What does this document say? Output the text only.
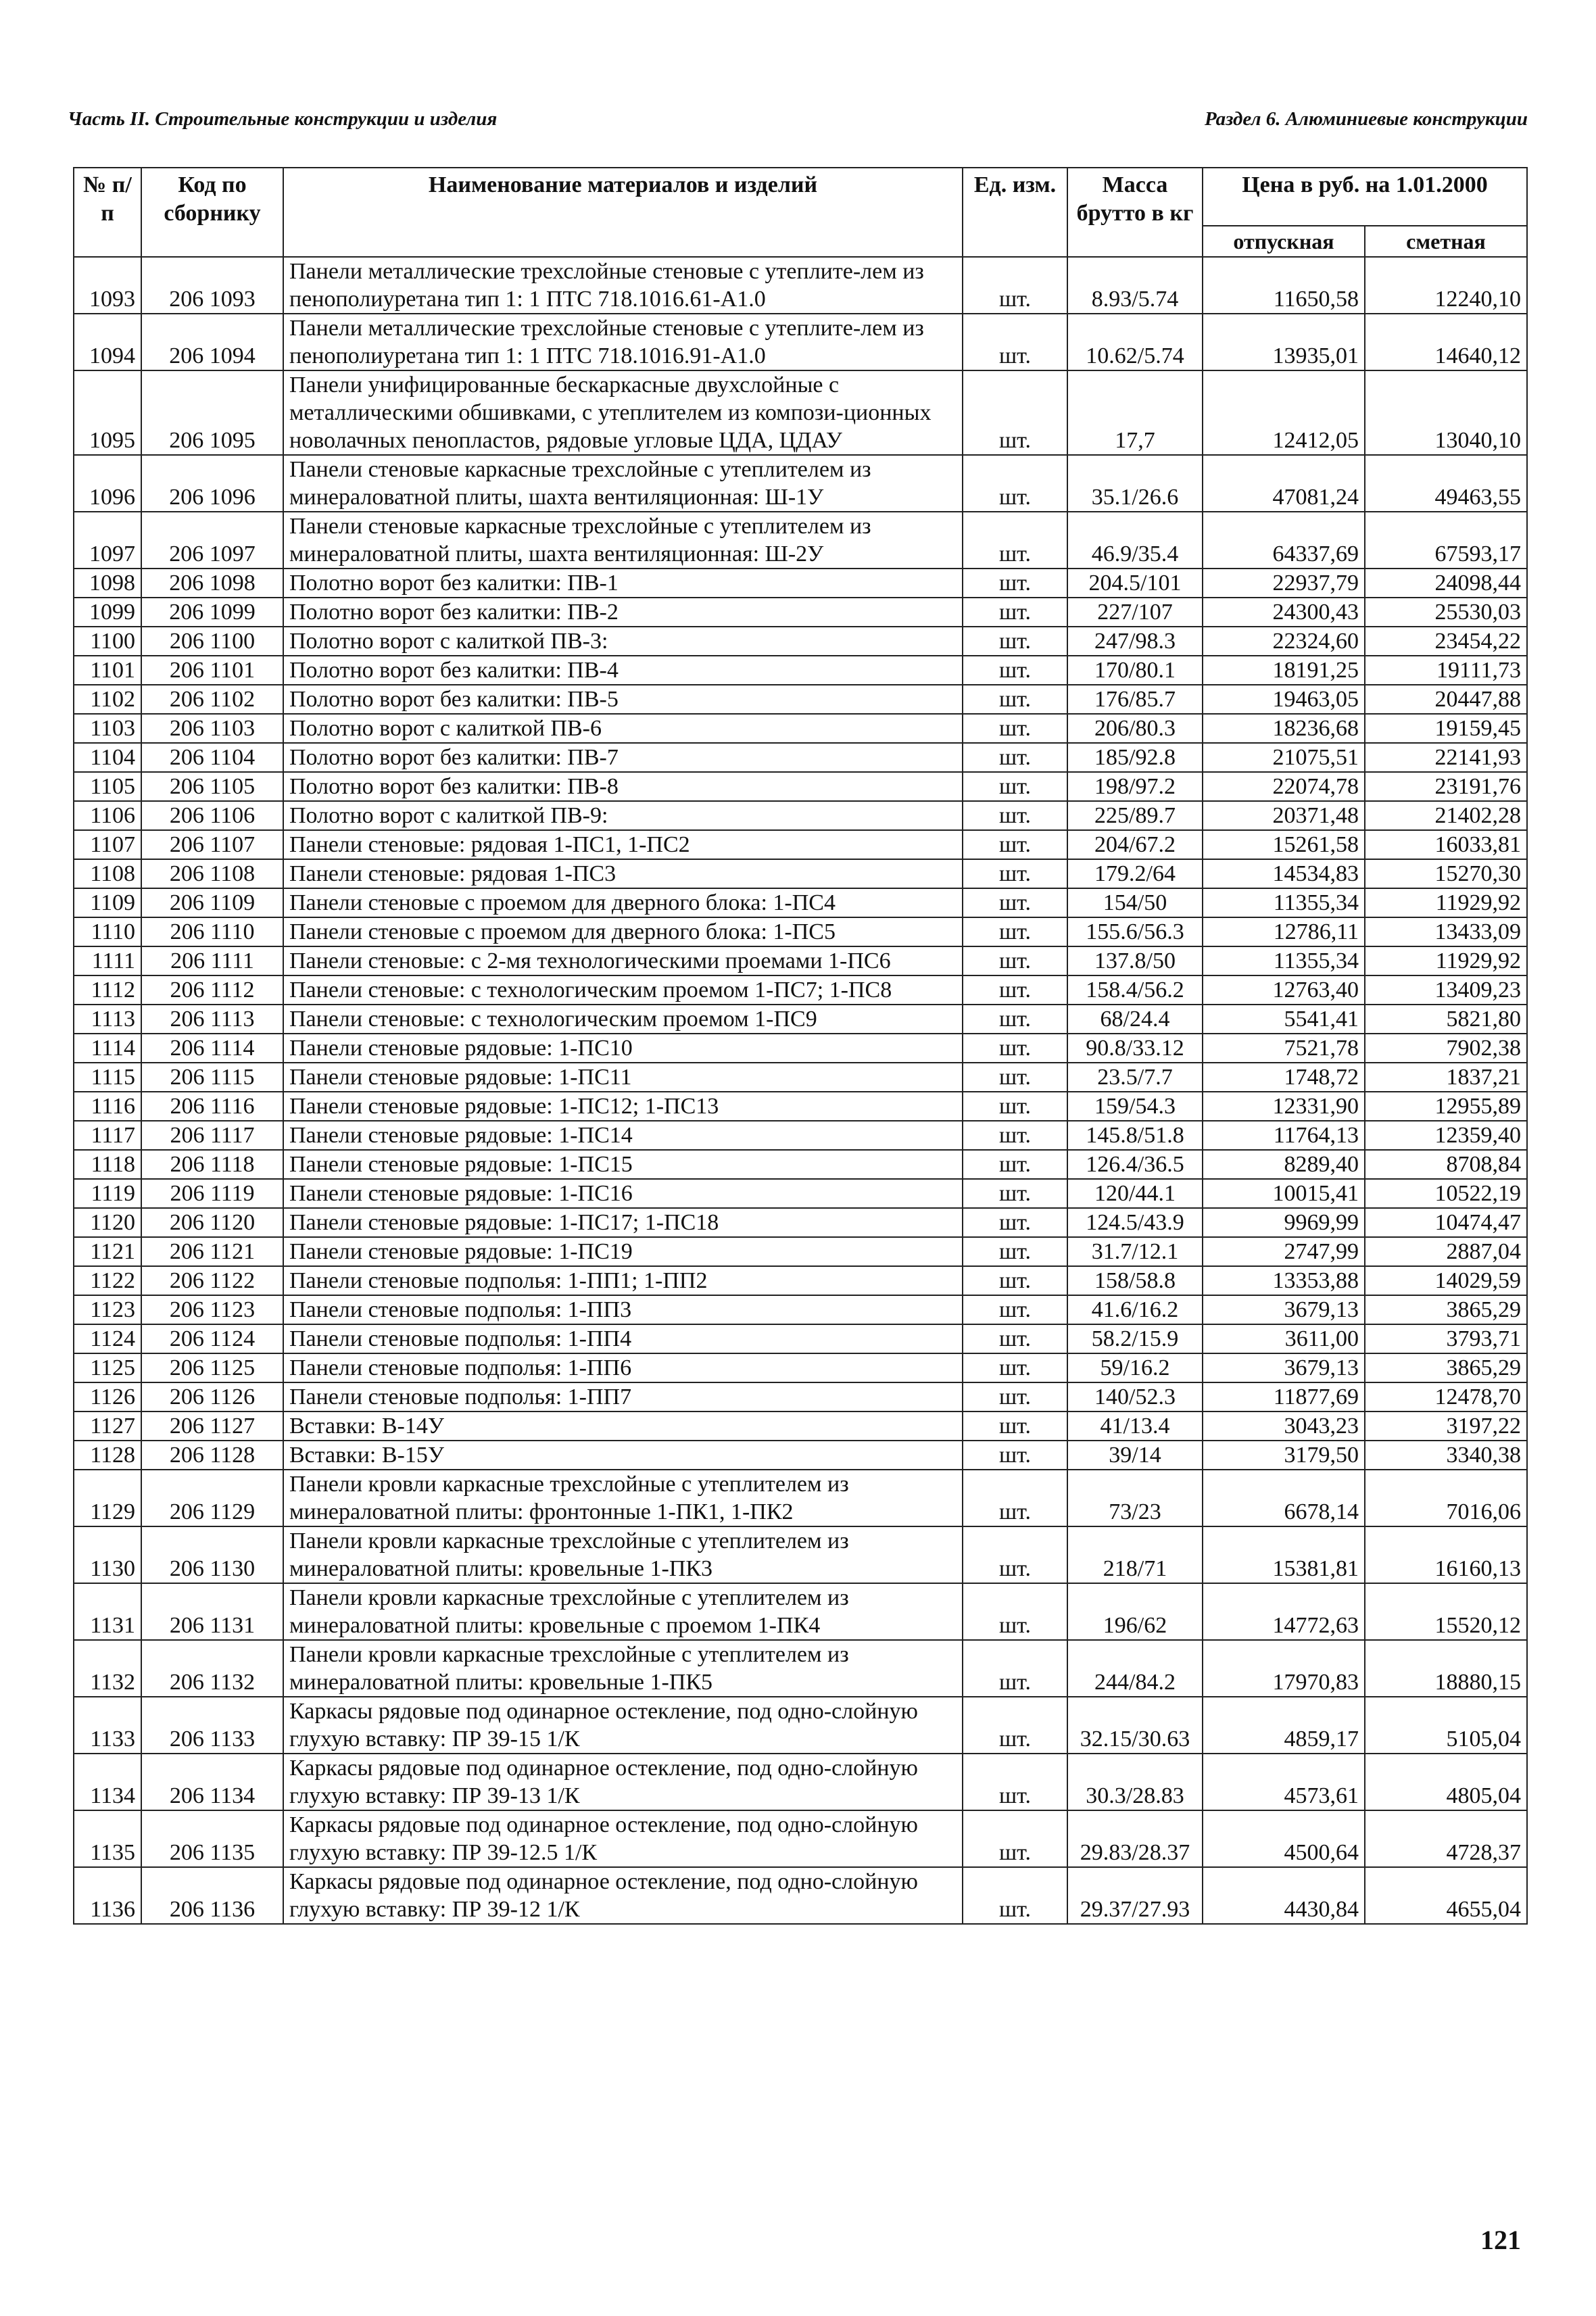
Часть II. Строительные конструкции и изделия	Раздел 6. Алюминиевые конструкции
№ п/п	Код по сборнику	Наименование материалов и изделий	Ед. изм.	Масса брутто в кг	Цена в руб. на 1.01.2000	
					отпускная	сметная
1093	206 1093	Панели металлические трехслойные стеновые с утеплите-лем из пенополиуретана тип 1: 1 ПТС 718.1016.61-А1.0	шт.	8.93/5.74	11650,58	12240,10
1094	206 1094	Панели металлические трехслойные стеновые с утеплите-лем из пенополиуретана тип 1: 1 ПТС 718.1016.91-А1.0	шт.	10.62/5.74	13935,01	14640,12
1095	206 1095	Панели унифицированные бескаркасные двухслойные с металлическими обшивками, с утеплителем из компози-ционных новолачных пенопластов, рядовые угловые ЦДА, ЦДАУ	шт.	17,7	12412,05	13040,10
1096	206 1096	Панели стеновые каркасные трехслойные с утеплителем из минераловатной плиты, шахта вентиляционная: Ш-1У	шт.	35.1/26.6	47081,24	49463,55
1097	206 1097	Панели стеновые каркасные трехслойные с утеплителем из минераловатной плиты, шахта вентиляционная: Ш-2У	шт.	46.9/35.4	64337,69	67593,17
1098	206 1098	Полотно ворот без калитки: ПВ-1	шт.	204.5/101	22937,79	24098,44
1099	206 1099	Полотно ворот без калитки: ПВ-2	шт.	227/107	24300,43	25530,03
1100	206 1100	Полотно ворот с калиткой ПВ-3:	шт.	247/98.3	22324,60	23454,22
1101	206 1101	Полотно ворот без калитки: ПВ-4	шт.	170/80.1	18191,25	19111,73
1102	206 1102	Полотно ворот без калитки: ПВ-5	шт.	176/85.7	19463,05	20447,88
1103	206 1103	Полотно ворот с калиткой ПВ-6	шт.	206/80.3	18236,68	19159,45
1104	206 1104	Полотно ворот без калитки: ПВ-7	шт.	185/92.8	21075,51	22141,93
1105	206 1105	Полотно ворот без калитки: ПВ-8	шт.	198/97.2	22074,78	23191,76
1106	206 1106	Полотно ворот с калиткой ПВ-9:	шт.	225/89.7	20371,48	21402,28
1107	206 1107	Панели стеновые: рядовая 1-ПС1, 1-ПС2	шт.	204/67.2	15261,58	16033,81
1108	206 1108	Панели стеновые: рядовая 1-ПС3	шт.	179.2/64	14534,83	15270,30
1109	206 1109	Панели стеновые с проемом для дверного блока: 1-ПС4	шт.	154/50	11355,34	11929,92
1110	206 1110	Панели стеновые с проемом для дверного блока: 1-ПС5	шт.	155.6/56.3	12786,11	13433,09
1111	206 1111	Панели стеновые: с 2-мя технологическими проемами 1-ПС6	шт.	137.8/50	11355,34	11929,92
1112	206 1112	Панели стеновые: с технологическим проемом 1-ПС7; 1-ПС8	шт.	158.4/56.2	12763,40	13409,23
1113	206 1113	Панели стеновые: с технологическим проемом 1-ПС9	шт.	68/24.4	5541,41	5821,80
1114	206 1114	Панели стеновые рядовые: 1-ПС10	шт.	90.8/33.12	7521,78	7902,38
1115	206 1115	Панели стеновые рядовые: 1-ПС11	шт.	23.5/7.7	1748,72	1837,21
1116	206 1116	Панели стеновые рядовые: 1-ПС12; 1-ПС13	шт.	159/54.3	12331,90	12955,89
1117	206 1117	Панели стеновые рядовые: 1-ПС14	шт.	145.8/51.8	11764,13	12359,40
1118	206 1118	Панели стеновые рядовые: 1-ПС15	шт.	126.4/36.5	8289,40	8708,84
1119	206 1119	Панели стеновые рядовые: 1-ПС16	шт.	120/44.1	10015,41	10522,19
1120	206 1120	Панели стеновые рядовые: 1-ПС17; 1-ПС18	шт.	124.5/43.9	9969,99	10474,47
1121	206 1121	Панели стеновые рядовые: 1-ПС19	шт.	31.7/12.1	2747,99	2887,04
1122	206 1122	Панели стеновые подполья: 1-ПП1; 1-ПП2	шт.	158/58.8	13353,88	14029,59
1123	206 1123	Панели стеновые подполья: 1-ПП3	шт.	41.6/16.2	3679,13	3865,29
1124	206 1124	Панели стеновые подполья: 1-ПП4	шт.	58.2/15.9	3611,00	3793,71
1125	206 1125	Панели стеновые подполья: 1-ПП6	шт.	59/16.2	3679,13	3865,29
1126	206 1126	Панели стеновые подполья: 1-ПП7	шт.	140/52.3	11877,69	12478,70
1127	206 1127	Вставки: В-14У	шт.	41/13.4	3043,23	3197,22
1128	206 1128	Вставки: В-15У	шт.	39/14	3179,50	3340,38
1129	206 1129	Панели кровли каркасные трехслойные с утеплителем из минераловатной плиты: фронтонные 1-ПК1, 1-ПК2	шт.	73/23	6678,14	7016,06
1130	206 1130	Панели кровли каркасные трехслойные с утеплителем из минераловатной плиты: кровельные 1-ПК3	шт.	218/71	15381,81	16160,13
1131	206 1131	Панели кровли каркасные трехслойные с утеплителем из минераловатной плиты: кровельные с проемом 1-ПК4	шт.	196/62	14772,63	15520,12
1132	206 1132	Панели кровли каркасные трехслойные с утеплителем из минераловатной плиты: кровельные 1-ПК5	шт.	244/84.2	17970,83	18880,15
1133	206 1133	Каркасы рядовые под одинарное остекление, под одно-слойную глухую вставку: ПР 39-15 1/К	шт.	32.15/30.63	4859,17	5105,04
1134	206 1134	Каркасы рядовые под одинарное остекление, под одно-слойную глухую вставку: ПР 39-13 1/К	шт.	30.3/28.83	4573,61	4805,04
1135	206 1135	Каркасы рядовые под одинарное остекление, под одно-слойную глухую вставку: ПР 39-12.5 1/К	шт.	29.83/28.37	4500,64	4728,37
1136	206 1136	Каркасы рядовые под одинарное остекление, под одно-слойную глухую вставку: ПР 39-12 1/К	шт.	29.37/27.93	4430,84	4655,04
121
